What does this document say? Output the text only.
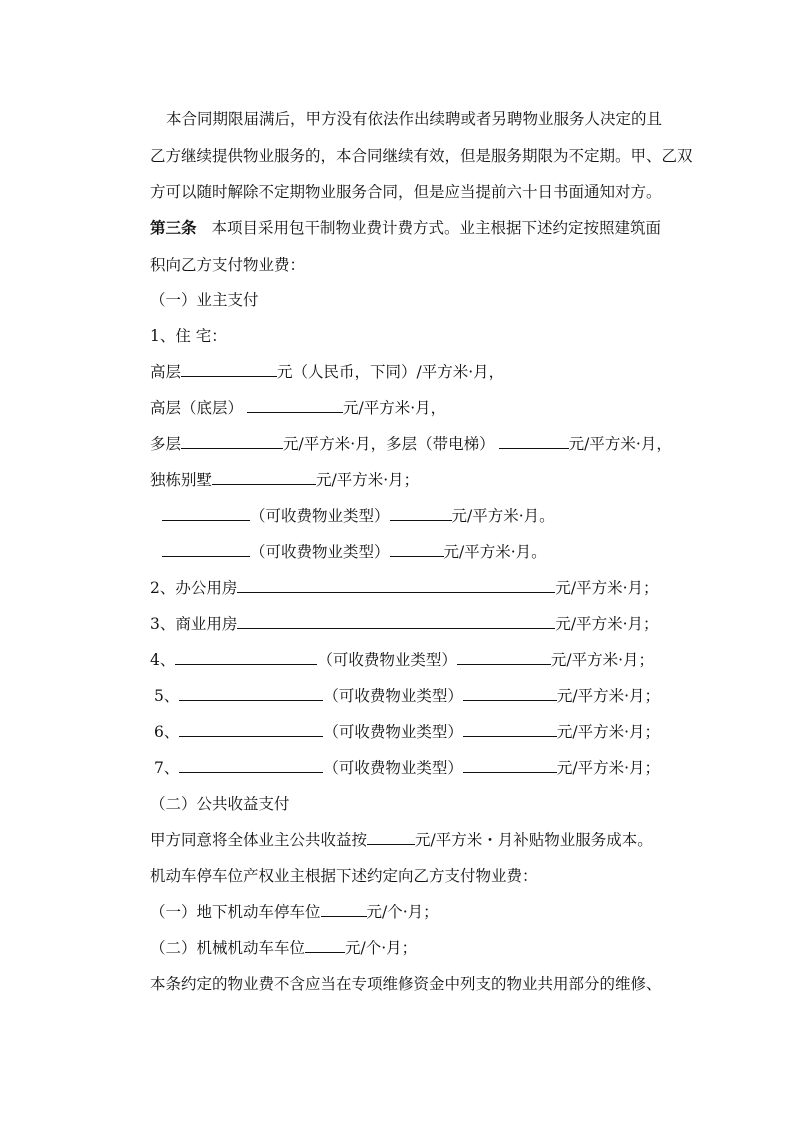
本合同期限届满后，甲方没有依法作出续聘或者另聘物业服务人决定的且
乙方继续提供物业服务的，本合同继续有效，但是服务期限为不定期。甲、乙双
方可以随时解除不定期物业服务合同，但是应当提前六十日书面通知对方。
第三条 本项目采用包干制物业费计费方式。业主根据下述约定按照建筑面
积向乙方支付物业费：
（一）业主支付
1、住 宅：
高层	元（人民币，下同）/平方米·月，
高层（底层）	元/平方米·月，
多层	元/平方米·月，多层（带电梯）	元/平方米·月，
独栋别墅	元/平方米·月；
（可收费物业类型）	元/平方米·月。
（可收费物业类型）	元/平方米·月。
2、办公用房	元/平方米·月；
3、商业用房	元/平方米·月；
4、	（可收费物业类型）	元/平方米·月；
5、	（可收费物业类型）	元/平方米·月；
6、	（可收费物业类型）	元/平方米·月；
7、	（可收费物业类型）	元/平方米·月；
（二）公共收益支付
甲方同意将全体业主公共收益按	元/平方米・月补贴物业服务成本。
机动车停车位产权业主根据下述约定向乙方支付物业费：
（一）地下机动车停车位	元/个·月；
（二）机械机动车车位	元/个·月；
本条约定的物业费不含应当在专项维修资金中列支的物业共用部分的维修、
